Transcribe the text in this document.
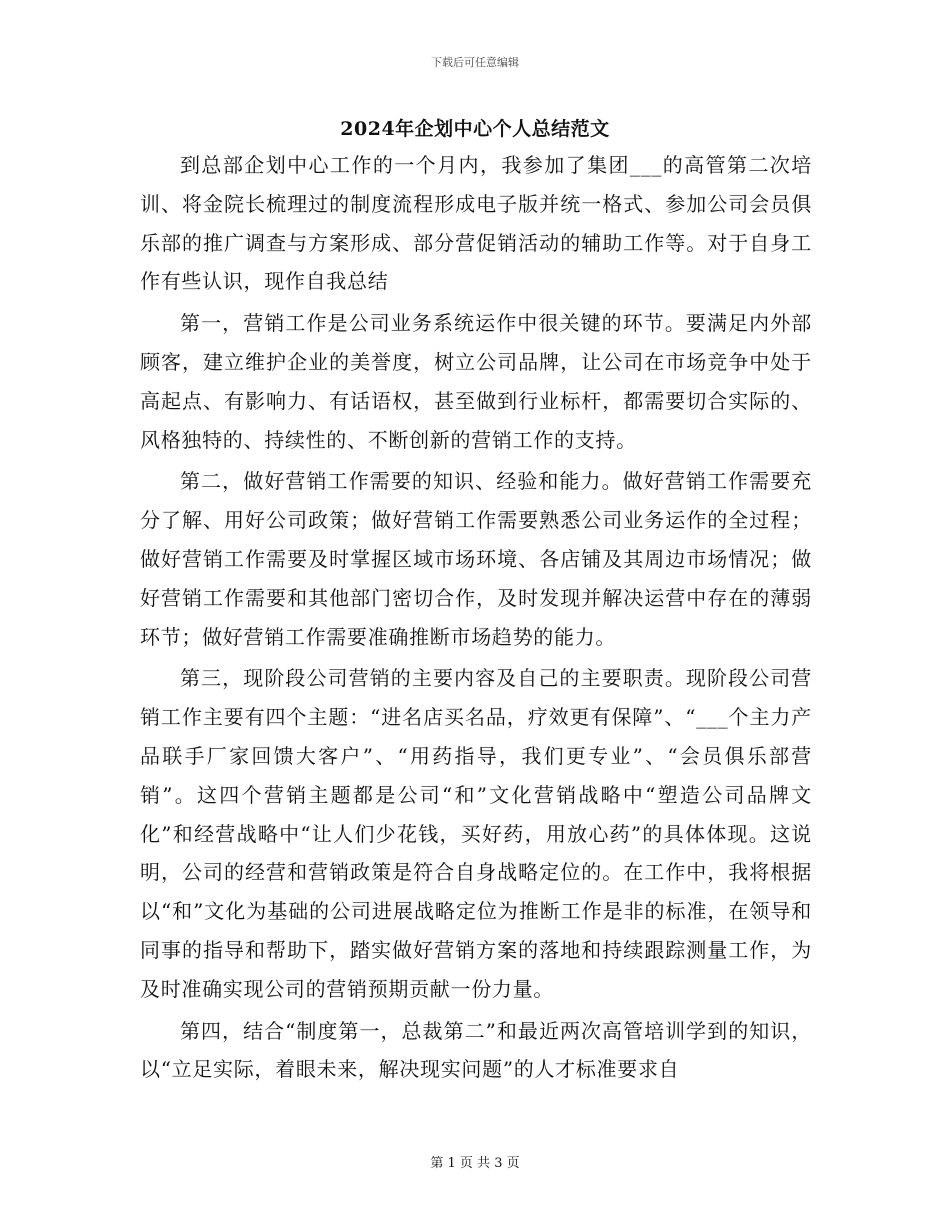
下载后可任意编辑
2024年企划中心个人总结范文

到总部企划中心工作的一个月内，我参加了集团___的高管第二次培训、将金院长梳理过的制度流程形成电子版并统一格式、参加公司会员俱乐部的推广调查与方案形成、部分营促销活动的辅助工作等。对于自身工作有些认识，现作自我总结

第一，营销工作是公司业务系统运作中很关键的环节。要满足内外部顾客，建立维护企业的美誉度，树立公司品牌，让公司在市场竞争中处于高起点、有影响力、有话语权，甚至做到行业标杆，都需要切合实际的、风格独特的、持续性的、不断创新的营销工作的支持。

第二，做好营销工作需要的知识、经验和能力。做好营销工作需要充分了解、用好公司政策；做好营销工作需要熟悉公司业务运作的全过程；做好营销工作需要及时掌握区域市场环境、各店铺及其周边市场情况；做好营销工作需要和其他部门密切合作，及时发现并解决运营中存在的薄弱环节；做好营销工作需要准确推断市场趋势的能力。

第三，现阶段公司营销的主要内容及自己的主要职责。现阶段公司营销工作主要有四个主题：“进名店买名品，疗效更有保障”、“___个主力产品联手厂家回馈大客户”、“用药指导，我们更专业”、“会员俱乐部营销”。这四个营销主题都是公司“和”文化营销战略中“塑造公司品牌文化”和经营战略中“让人们少花钱，买好药，用放心药”的具体体现。这说明，公司的经营和营销政策是符合自身战略定位的。在工作中，我将根据以“和”文化为基础的公司进展战略定位为推断工作是非的标准，在领导和同事的指导和帮助下，踏实做好营销方案的落地和持续跟踪测量工作，为及时准确实现公司的营销预期贡献一份力量。

第四，结合“制度第一，总裁第二”和最近两次高管培训学到的知识，以“立足实际，着眼未来，解决现实问题”的人才标准要求自

第 1 页 共 3 页
